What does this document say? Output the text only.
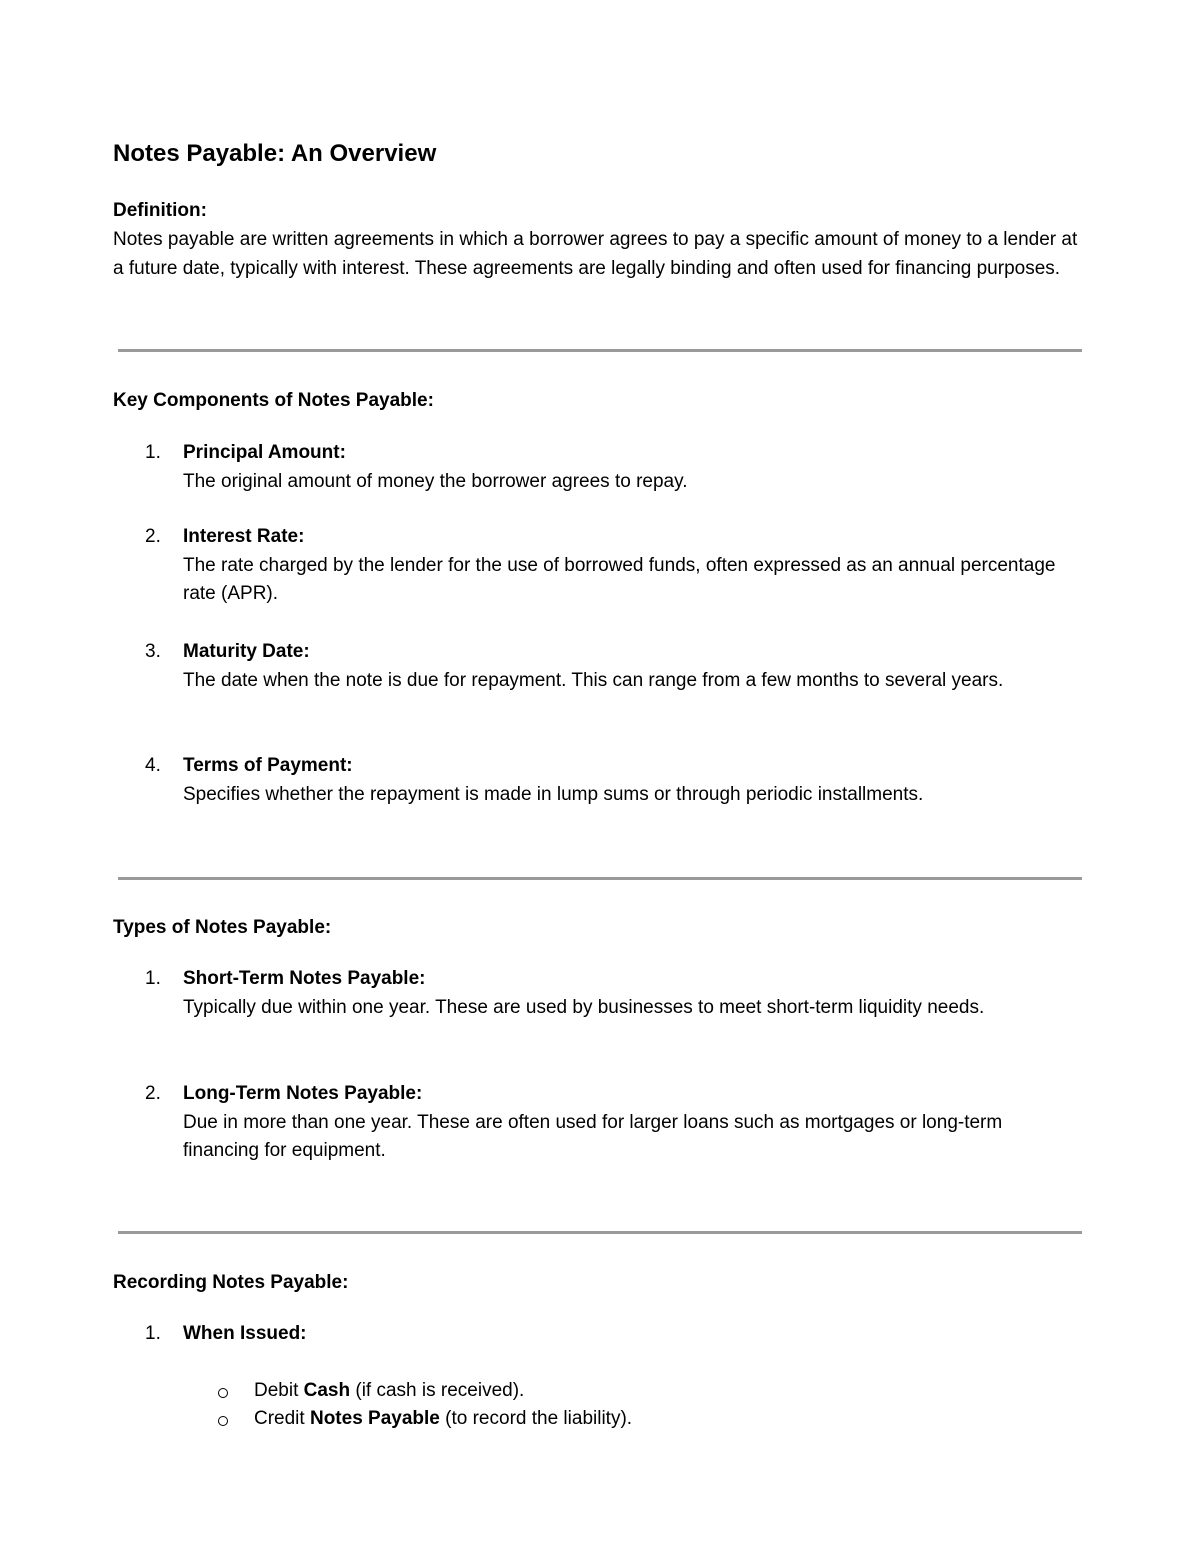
Notes Payable: An Overview

Definition:

Notes payable are written agreements in which a borrower agrees to pay a specific amount of money to a lender at a future date, typically with interest. These agreements are legally binding and often used for financing purposes.

Key Components of Notes Payable:

1.	Principal Amount:
The original amount of money the borrower agrees to repay.
2.	Interest Rate:
The rate charged by the lender for the use of borrowed funds, often expressed as an annual percentage rate (APR).
3.	Maturity Date:
The date when the note is due for repayment. This can range from a few months to several years.
4.	Terms of Payment:
Specifies whether the repayment is made in lump sums or through periodic installments.

Types of Notes Payable:

1.	Short-Term Notes Payable:
Typically due within one year. These are used by businesses to meet short-term liquidity needs.
2.	Long-Term Notes Payable:
Due in more than one year. These are often used for larger loans such as mortgages or long-term financing for equipment.

Recording Notes Payable:

1.	When Issued:
Debit Cash (if cash is received).
Credit Notes Payable (to record the liability).
